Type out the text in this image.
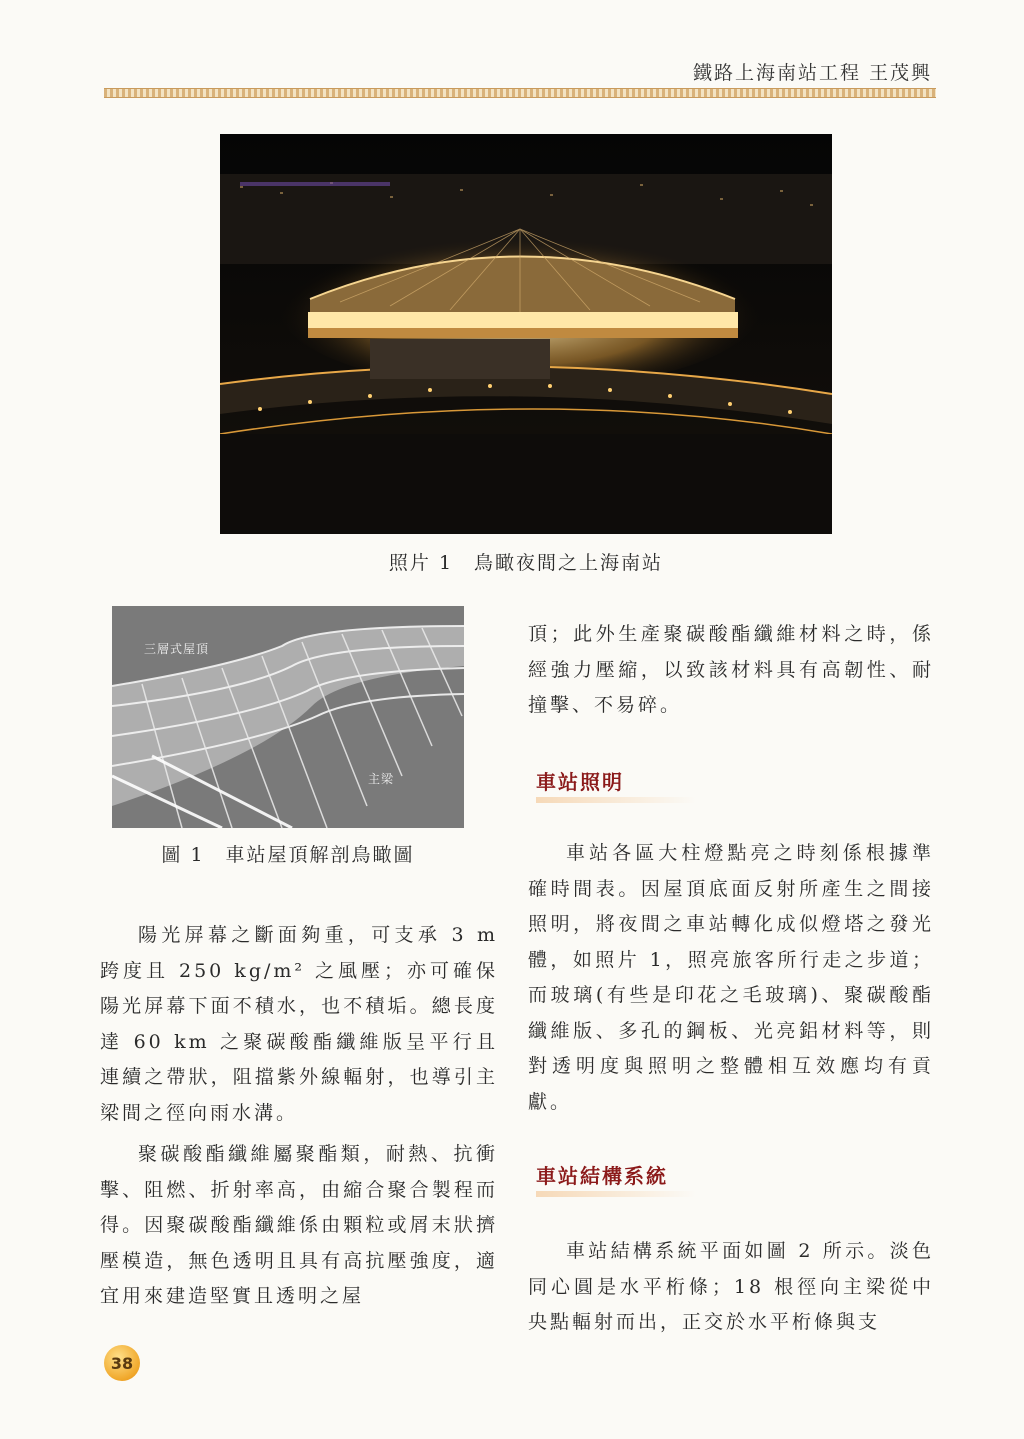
鐵路上海南站工程 王茂興
照片 1　鳥瞰夜間之上海南站
三層式屋頂
主梁
圖 1　車站屋頂解剖鳥瞰圖

陽光屏幕之斷面夠重，可支承 3 m 跨度且 250 kg/m² 之風壓；亦可確保陽光屏幕下面不積水，也不積垢。總長度達 60 km 之聚碳酸酯纖維版呈平行且連續之帶狀，阻擋紫外線輻射，也導引主梁間之徑向雨水溝。

聚碳酸酯纖維屬聚酯類，耐熱、抗衝擊、阻燃、折射率高，由縮合聚合製程而得。因聚碳酸酯纖維係由顆粒或屑末狀擠壓模造，無色透明且具有高抗壓強度，適宜用來建造堅實且透明之屋

頂；此外生產聚碳酸酯纖維材料之時，係經強力壓縮，以致該材料具有高韌性、耐撞擊、不易碎。

車站照明

車站各區大柱燈點亮之時刻係根據準確時間表。因屋頂底面反射所產生之間接照明，將夜間之車站轉化成似燈塔之發光體，如照片 1，照亮旅客所行走之步道；而玻璃(有些是印花之毛玻璃)、聚碳酸酯纖維版、多孔的鋼板、光亮鋁材料等，則對透明度與照明之整體相互效應均有貢獻。

車站結構系統

車站結構系統平面如圖 2 所示。淡色同心圓是水平桁條；18 根徑向主梁從中央點輻射而出，正交於水平桁條與支

38
